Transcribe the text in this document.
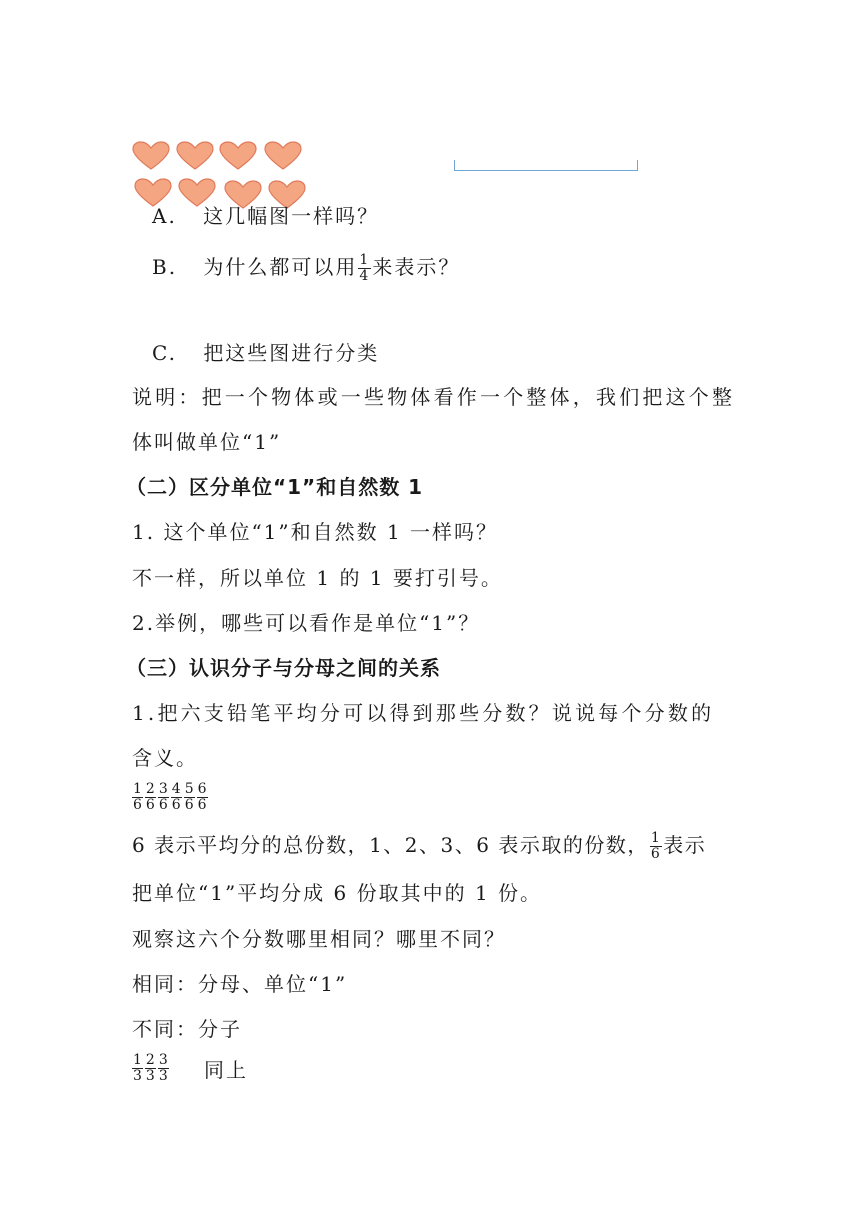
A. 这几幅图一样吗？
B. 为什么都可以用 $\frac{1}{4}$ 来表示？
C. 把这些图进行分类
说明：把一个物体或一些物体看作一个整体，我们把这个整
体叫做单位“1”
（二）区分单位“1”和自然数 1
1. 这个单位“1”和自然数 1 一样吗？
不一样，所以单位 1 的 1 要打引号。
2.举例，哪些可以看作是单位“1”？
（三）认识分子与分母之间的关系
1.把六支铅笔平均分可以得到那些分数？说说每个分数的
含义。
$\frac{1}{6} \frac{2}{6} \frac{3}{6} \frac{4}{6} \frac{5}{6} \frac{6}{6}$
6 表示平均分的总份数，1、2、3、6 表示取的份数， $\frac{1}{6}$ 表示
把单位“1”平均分成 6 份取其中的 1 份。
观察这六个分数哪里相同？哪里不同？
相同：分母、单位“1”
不同：分子
$\frac{1}{3} \frac{2}{3} \frac{3}{3}$ 同上
